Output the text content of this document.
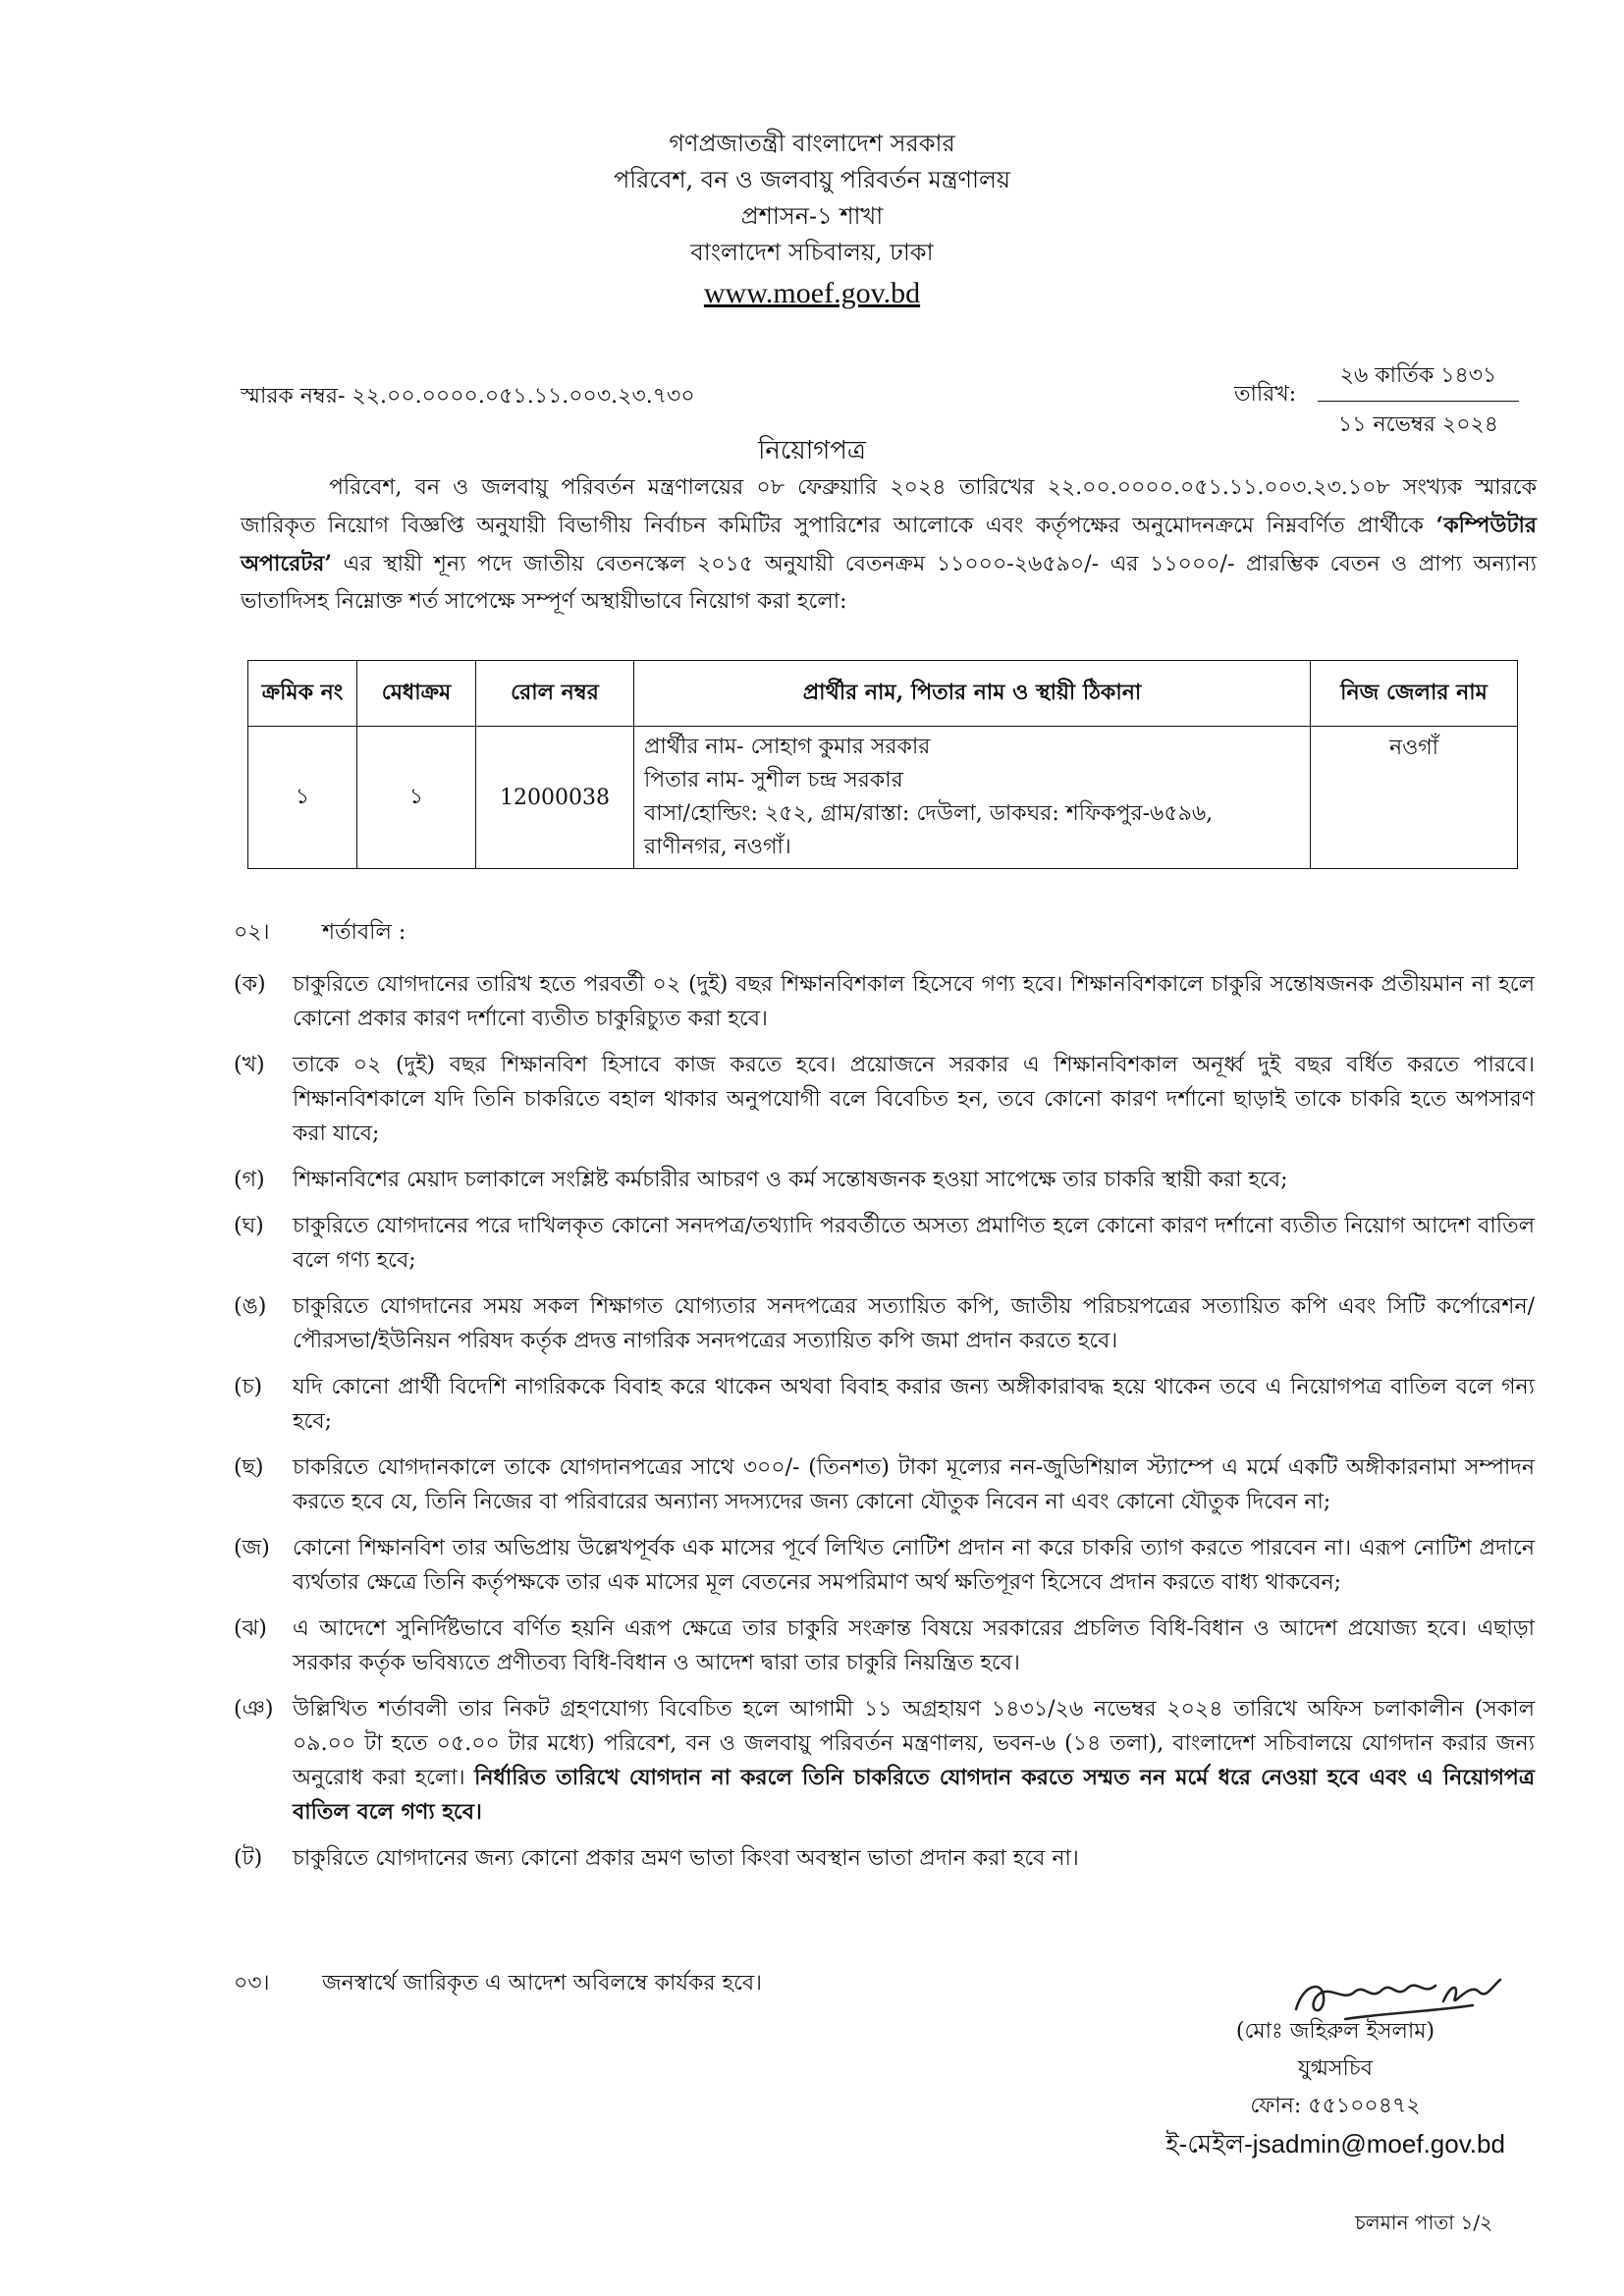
গণপ্রজাতন্ত্রী বাংলাদেশ সরকার
পরিবেশ, বন ও জলবায়ু পরিবর্তন মন্ত্রণালয়
প্রশাসন-১ শাখা
বাংলাদেশ সচিবালয়, ঢাকা
www.moef.gov.bd
স্মারক নম্বর- ২২.০০.০০০০.০৫১.১১.০০৩.২৩.৭৩০	তারিখ:
২৬ কার্তিক ১৪৩১
১১ নভেম্বর ২০২৪
নিয়োগপত্র

পরিবেশ, বন ও জলবায়ু পরিবর্তন মন্ত্রণালয়ের ০৮ ফেব্রুয়ারি ২০২৪ তারিখের ২২.০০.০০০০.০৫১.১১.০০৩.২৩.১০৮ সংখ্যক স্মারকে জারিকৃত নিয়োগ বিজ্ঞপ্তি অনুযায়ী বিভাগীয় নির্বাচন কমিটির সুপারিশের আলোকে এবং কর্তৃপক্ষের অনুমোদনক্রমে নিম্নবর্ণিত প্রার্থীকে ‘কম্পিউটার অপারেটর’ এর স্থায়ী শূন্য পদে জাতীয় বেতনস্কেল ২০১৫ অনুযায়ী বেতনক্রম ১১০০০-২৬৫৯০/- এর ১১০০০/- প্রারম্ভিক বেতন ও প্রাপ্য অন্যান্য ভাতাদিসহ নিম্নোক্ত শর্ত সাপেক্ষে সম্পূর্ণ অস্থায়ীভাবে নিয়োগ করা হলো:

ক্রমিক নং	মেধাক্রম	রোল নম্বর	প্রার্থীর নাম, পিতার নাম ও স্থায়ী ঠিকানা	নিজ জেলার নাম
১	১	12000038	প্রার্থীর নাম- সোহাগ কুমার সরকার
পিতার নাম- সুশীল চন্দ্র সরকার
বাসা/হোল্ডিং: ২৫২, গ্রাম/রাস্তা: দেউলা, ডাকঘর: শফিকপুর-৬৫৯৬, রাণীনগর, নওগাঁ।	নওগাঁ
০২।	শর্তাবলি :
(ক)	চাকুরিতে যোগদানের তারিখ হতে পরবর্তী ০২ (দুই) বছর শিক্ষানবিশকাল হিসেবে গণ্য হবে। শিক্ষানবিশকালে চাকুরি সন্তোষজনক প্রতীয়মান না হলে কোনো প্রকার কারণ দর্শানো ব্যতীত চাকুরিচ্যুত করা হবে।
(খ)	তাকে ০২ (দুই) বছর শিক্ষানবিশ হিসাবে কাজ করতে হবে। প্রয়োজনে সরকার এ শিক্ষানবিশকাল অনূর্ধ্ব দুই বছর বর্ধিত করতে পারবে। শিক্ষানবিশকালে যদি তিনি চাকরিতে বহাল থাকার অনুপযোগী বলে বিবেচিত হন, তবে কোনো কারণ দর্শানো ছাড়াই তাকে চাকরি হতে অপসারণ করা যাবে;
(গ)	শিক্ষানবিশের মেয়াদ চলাকালে সংশ্লিষ্ট কর্মচারীর আচরণ ও কর্ম সন্তোষজনক হওয়া সাপেক্ষে তার চাকরি স্থায়ী করা হবে;
(ঘ)	চাকুরিতে যোগদানের পরে দাখিলকৃত কোনো সনদপত্র/তথ্যাদি পরবর্তীতে অসত্য প্রমাণিত হলে কোনো কারণ দর্শানো ব্যতীত নিয়োগ আদেশ বাতিল বলে গণ্য হবে;
(ঙ)	চাকুরিতে যোগদানের সময় সকল শিক্ষাগত যোগ্যতার সনদপত্রের সত্যায়িত কপি, জাতীয় পরিচয়পত্রের সত্যায়িত কপি এবং সিটি কর্পোরেশন/পৌরসভা/ইউনিয়ন পরিষদ কর্তৃক প্রদত্ত নাগরিক সনদপত্রের সত্যায়িত কপি জমা প্রদান করতে হবে।
(চ)	যদি কোনো প্রার্থী বিদেশি নাগরিককে বিবাহ করে থাকেন অথবা বিবাহ করার জন্য অঙ্গীকারাবদ্ধ হয়ে থাকেন তবে এ নিয়োগপত্র বাতিল বলে গন্য হবে;
(ছ)	চাকরিতে যোগদানকালে তাকে যোগদানপত্রের সাথে ৩০০/- (তিনশত) টাকা মূল্যের নন-জুডিশিয়াল স্ট্যাম্পে এ মর্মে একটি অঙ্গীকারনামা সম্পাদন করতে হবে যে, তিনি নিজের বা পরিবারের অন্যান্য সদস্যদের জন্য কোনো যৌতুক নিবেন না এবং কোনো যৌতুক দিবেন না;
(জ)	কোনো শিক্ষানবিশ তার অভিপ্রায় উল্লেখপূর্বক এক মাসের পূর্বে লিখিত নোটিশ প্রদান না করে চাকরি ত্যাগ করতে পারবেন না। এরূপ নোটিশ প্রদানে ব্যর্থতার ক্ষেত্রে তিনি কর্তৃপক্ষকে তার এক মাসের মূল বেতনের সমপরিমাণ অর্থ ক্ষতিপূরণ হিসেবে প্রদান করতে বাধ্য থাকবেন;
(ঝ)	এ আদেশে সুনির্দিষ্টভাবে বর্ণিত হয়নি এরূপ ক্ষেত্রে তার চাকুরি সংক্রান্ত বিষয়ে সরকারের প্রচলিত বিধি-বিধান ও আদেশ প্রযোজ্য হবে। এছাড়া সরকার কর্তৃক ভবিষ্যতে প্রণীতব্য বিধি-বিধান ও আদেশ দ্বারা তার চাকুরি নিয়ন্ত্রিত হবে।
(ঞ) উল্লিখিত শর্তাবলী তার নিকট গ্রহণযোগ্য বিবেচিত হলে আগামী ১১ অগ্রহায়ণ ১৪৩১/২৬ নভেম্বর ২০২৪ তারিখে অফিস চলাকালীন (সকাল ০৯.০০ টা হতে ০৫.০০ টার মধ্যে) পরিবেশ, বন ও জলবায়ু পরিবর্তন মন্ত্রণালয়, ভবন-৬ (১৪ তলা), বাংলাদেশ সচিবালয়ে যোগদান করার জন্য অনুরোধ করা হলো। নির্ধারিত তারিখে যোগদান না করলে তিনি চাকরিতে যোগদান করতে সম্মত নন মর্মে ধরে নেওয়া হবে এবং এ নিয়োগপত্র বাতিল বলে গণ্য হবে।
(ট)	চাকুরিতে যোগদানের জন্য কোনো প্রকার ভ্রমণ ভাতা কিংবা অবস্থান ভাতা প্রদান করা হবে না।
০৩।	জনস্বার্থে জারিকৃত এ আদেশ অবিলম্বে কার্যকর হবে।
(মোঃ জহিরুল ইসলাম)
যুগ্মসচিব
ফোন: ৫৫১০০৪৭২
ই-মেইল-jsadmin@moef.gov.bd
চলমান পাতা ১/২
